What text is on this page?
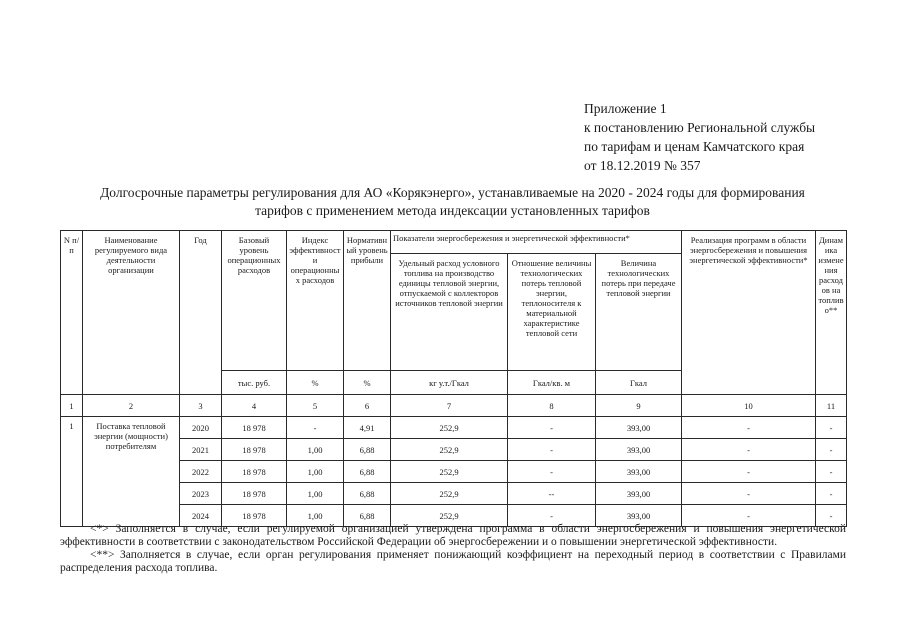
Приложение 1
к постановлению Региональной службы
по тарифам и ценам Камчатского края
от 18.12.2019 № 357
Долгосрочные параметры регулирования для АО «Корякэнерго», устанавливаемые на 2020 - 2024 годы для формирования
тарифов с применением метода индексации установленных тарифов
N п/п	Наименование регулируемого вида деятельности организации	Год	Базовый уровень операционных расходов	Индекс эффективности операционных расходов	Нормативный уровень прибыли	Показатели энергосбережения и энергетической эффективности*			Реализация программ в области энергосбережения и повышения энергетической эффективности*	Динамика изменения расходов на топливо**
						Удельный расход условного топлива на производство единицы тепловой энергии, отпускаемой с коллекторов источников тепловой энергии	Отношение величины технологических потерь тепловой энергии, теплоносителя к материальной характеристике тепловой сети	Величина технологических потерь при передаче тепловой энергии		
			тыс. руб.	%	%	кг у.т./Гкал	Гкал/кв. м	Гкал		
1	2	3	4	5	6	7	8	9	10	11
1	Поставка тепловой энергии (мощности) потребителям	2020	18 978	-	4,91	252,9	-	393,00	-	-
		2021	18 978	1,00	6,88	252,9	-	393,00	-	-
		2022	18 978	1,00	6,88	252,9	-	393,00	-	-
		2023	18 978	1,00	6,88	252,9	--	393,00	-	-
		2024	18 978	1,00	6,88	252,9	-	393,00	-	-

<*> Заполняется в случае, если регулируемой организацией утверждена программа в области энергосбережения и повышения энергетической эффективности в соответствии с законодательством Российской Федерации об энергосбережении и о повышении энергетической эффективности.

<**> Заполняется в случае, если орган регулирования применяет понижающий коэффициент на переходный период в соответствии с Правилами распределения расхода топлива.
